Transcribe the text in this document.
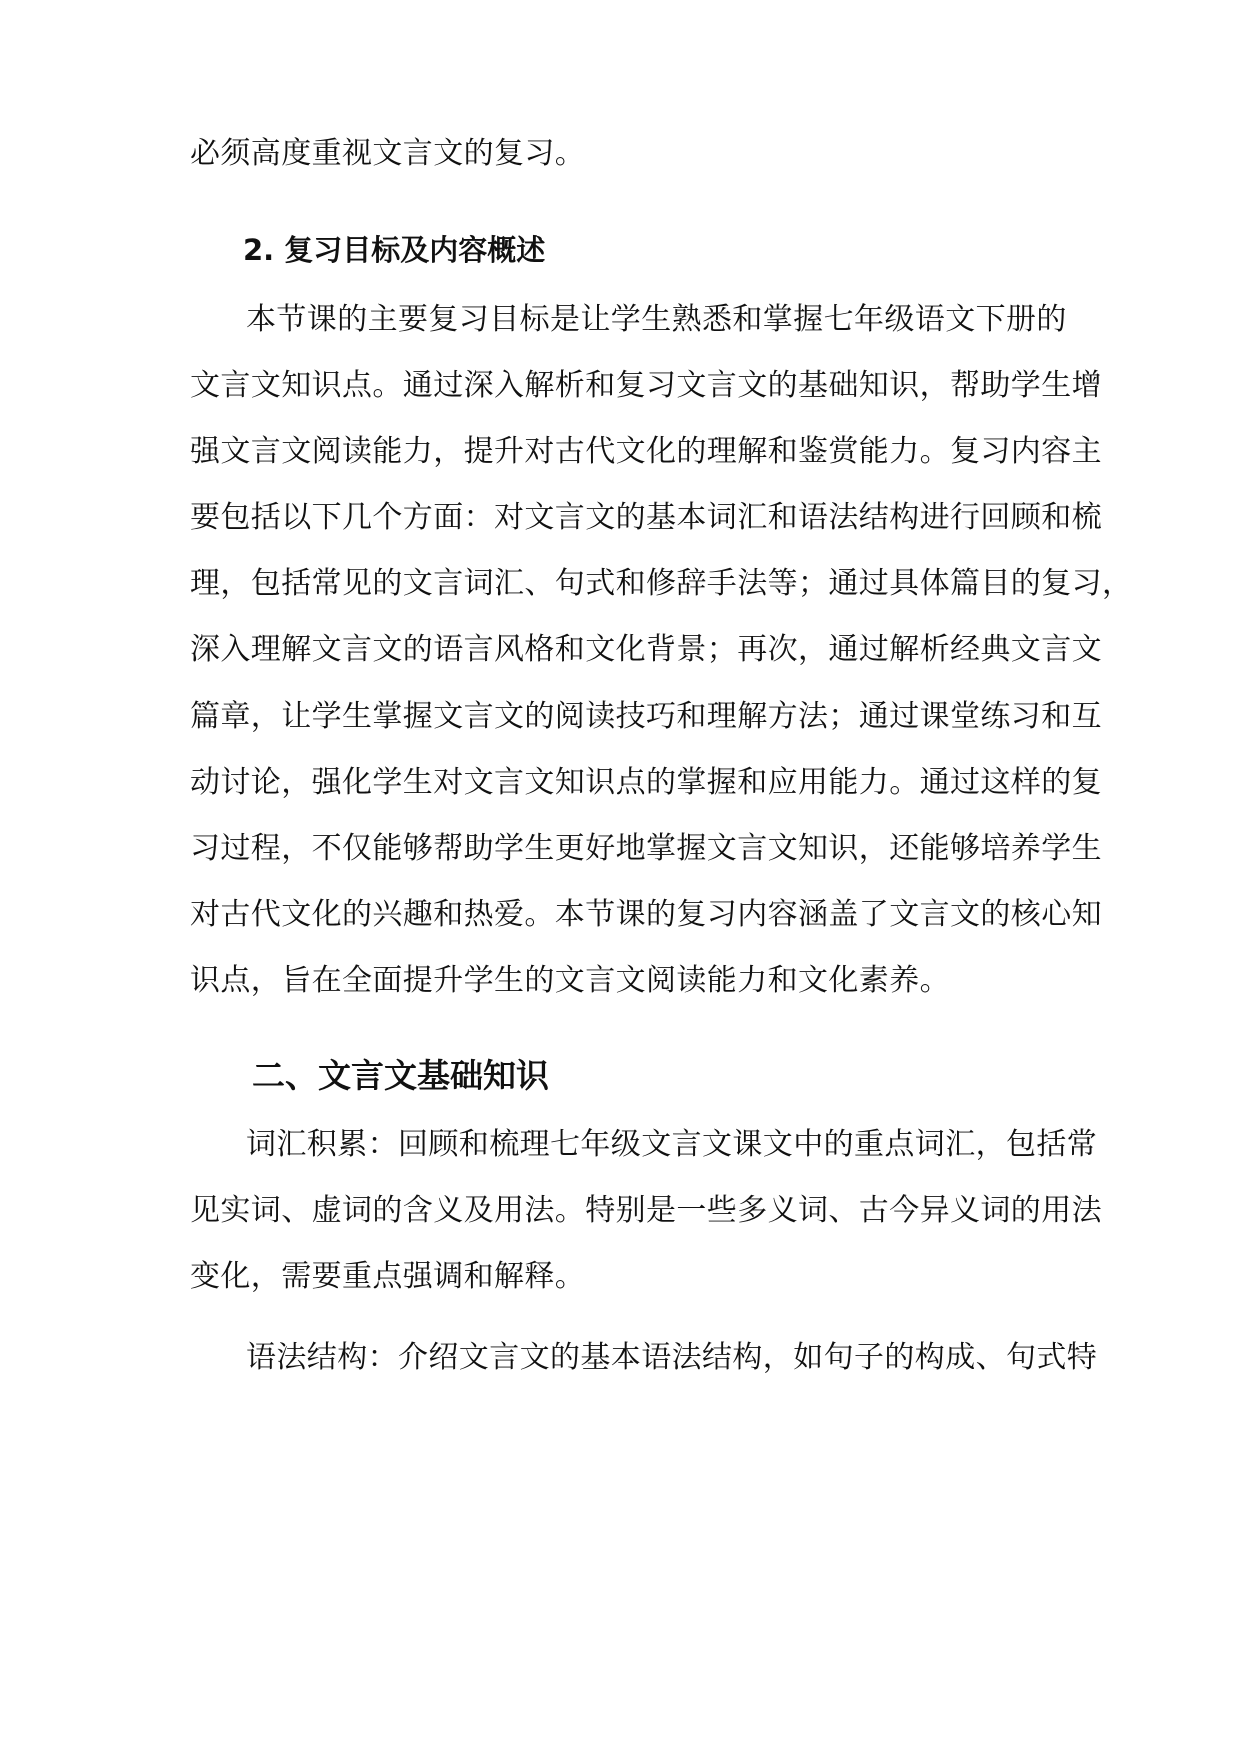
必须高度重视文言文的复习。
2. 复习目标及内容概述
本节课的主要复习目标是让学生熟悉和掌握七年级语文下册的
文言文知识点。通过深入解析和复习文言文的基础知识，帮助学生增
强文言文阅读能力，提升对古代文化的理解和鉴赏能力。复习内容主
要包括以下几个方面：对文言文的基本词汇和语法结构进行回顾和梳
理，包括常见的文言词汇、句式和修辞手法等；通过具体篇目的复习，
深入理解文言文的语言风格和文化背景；再次，通过解析经典文言文
篇章，让学生掌握文言文的阅读技巧和理解方法；通过课堂练习和互
动讨论，强化学生对文言文知识点的掌握和应用能力。通过这样的复
习过程，不仅能够帮助学生更好地掌握文言文知识，还能够培养学生
对古代文化的兴趣和热爱。本节课的复习内容涵盖了文言文的核心知
识点，旨在全面提升学生的文言文阅读能力和文化素养。
二、文言文基础知识
词汇积累：回顾和梳理七年级文言文课文中的重点词汇，包括常
见实词、虚词的含义及用法。特别是一些多义词、古今异义词的用法
变化，需要重点强调和解释。
语法结构：介绍文言文的基本语法结构，如句子的构成、句式特
